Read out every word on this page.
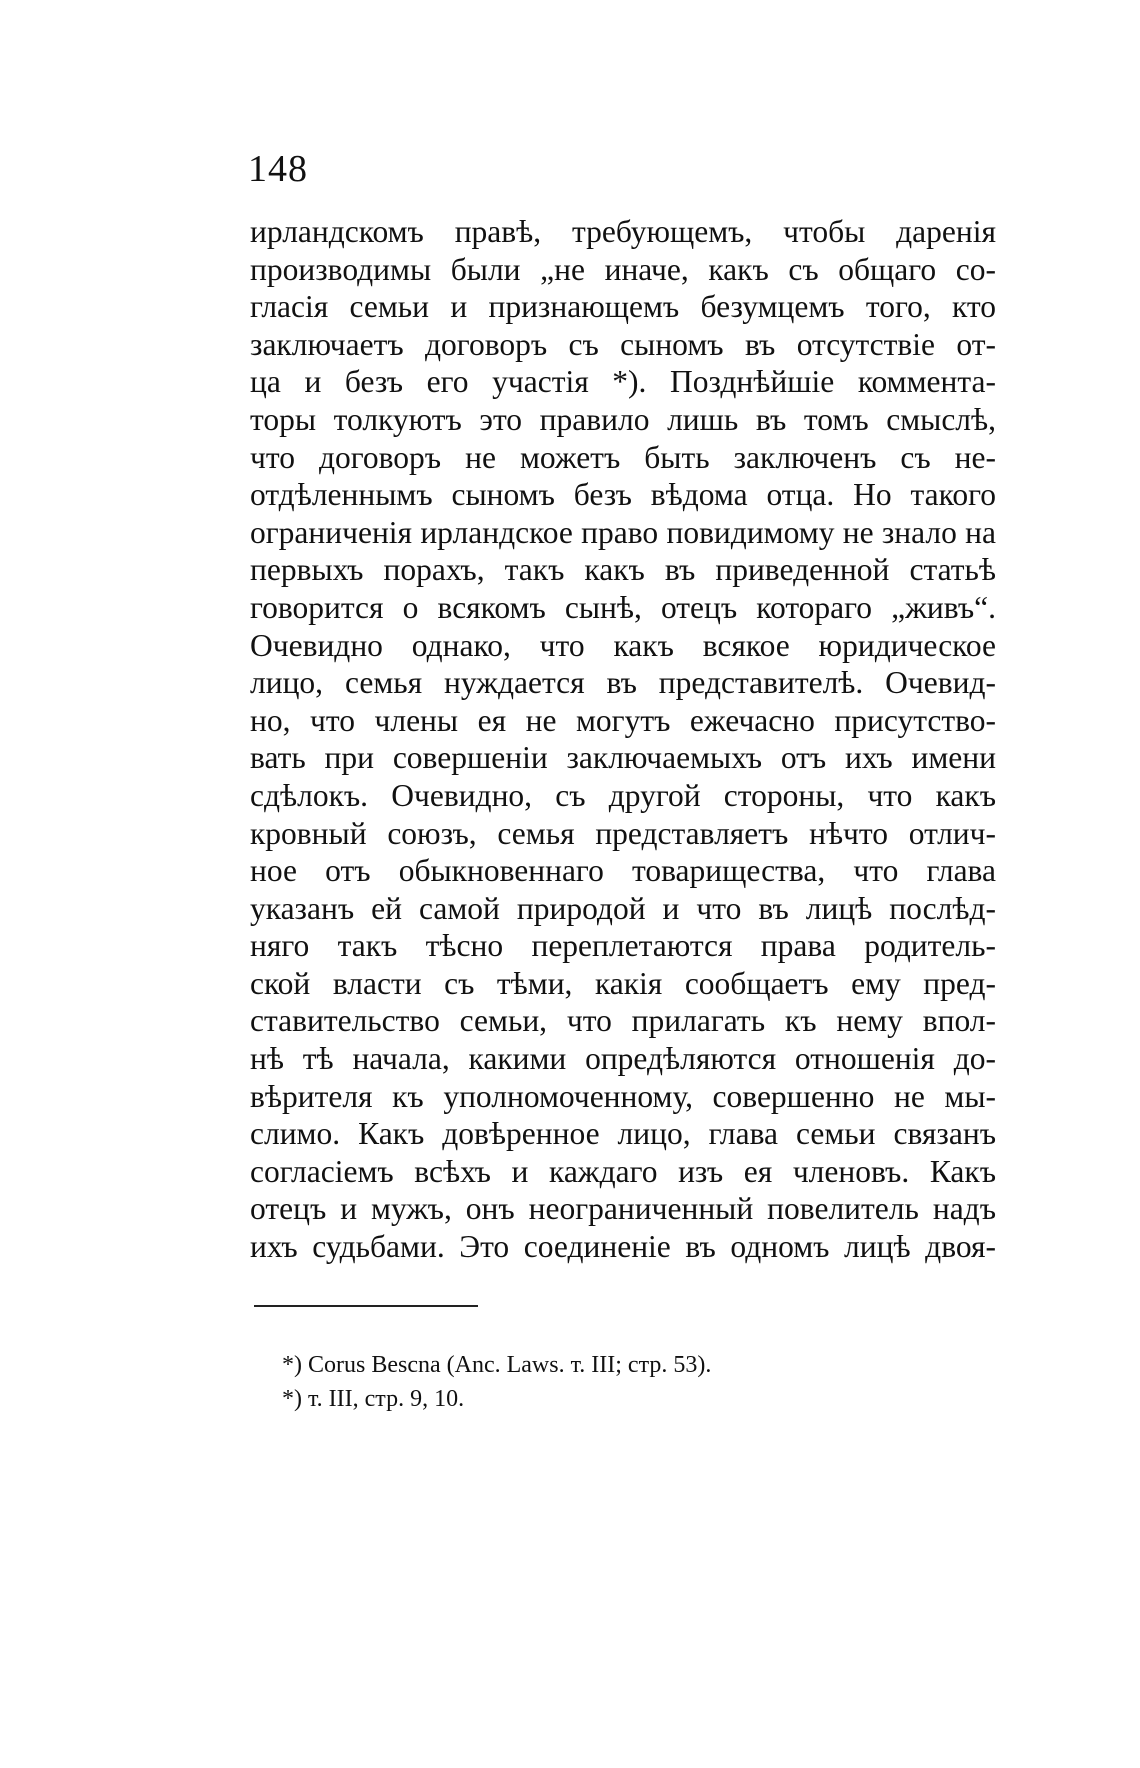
148
ирландскомъ правѣ, требующемъ, чтобы даренія
производимы были „не иначе, какъ съ общаго со-
гласія семьи и признающемъ безумцемъ того, кто
заключаетъ договоръ съ сыномъ въ отсутствіе от-
ца и безъ его участія *). Позднѣйшіе коммента-
торы толкуютъ это правило лишь въ томъ смыслѣ,
что договоръ не можетъ быть заключенъ съ не-
отдѣленнымъ сыномъ безъ вѣдома отца. Но такого
ограниченія ирландское право повидимому не знало на
первыхъ порахъ, такъ какъ въ приведенной статьѣ
говорится о всякомъ сынѣ, отецъ котораго „живъ“.
Очевидно однако, что какъ всякое юридическое
лицо, семья нуждается въ представителѣ. Очевид-
но, что члены ея не могутъ ежечасно присутство-
вать при совершеніи заключаемыхъ отъ ихъ имени
сдѣлокъ. Очевидно, съ другой стороны, что какъ
кровный союзъ, семья представляетъ нѣчто отлич-
ное отъ обыкновеннаго товарищества, что глава
указанъ ей самой природой и что въ лицѣ послѣд-
няго такъ тѣсно переплетаются права родитель-
ской власти съ тѣми, какія сообщаетъ ему пред-
ставительство семьи, что прилагать къ нему впол-
нѣ тѣ начала, какими опредѣляются отношенія до-
вѣрителя къ уполномоченному, совершенно не мы-
слимо. Какъ довѣренное лицо, глава семьи связанъ
согласіемъ всѣхъ и каждаго изъ ея членовъ. Какъ
отецъ и мужъ, онъ неограниченный повелитель надъ
ихъ судьбами. Это соединеніе въ одномъ лицѣ двоя-
*) Corus Bescna (Anc. Laws. т. III; стр. 53).
*) т. III, стр. 9, 10.
